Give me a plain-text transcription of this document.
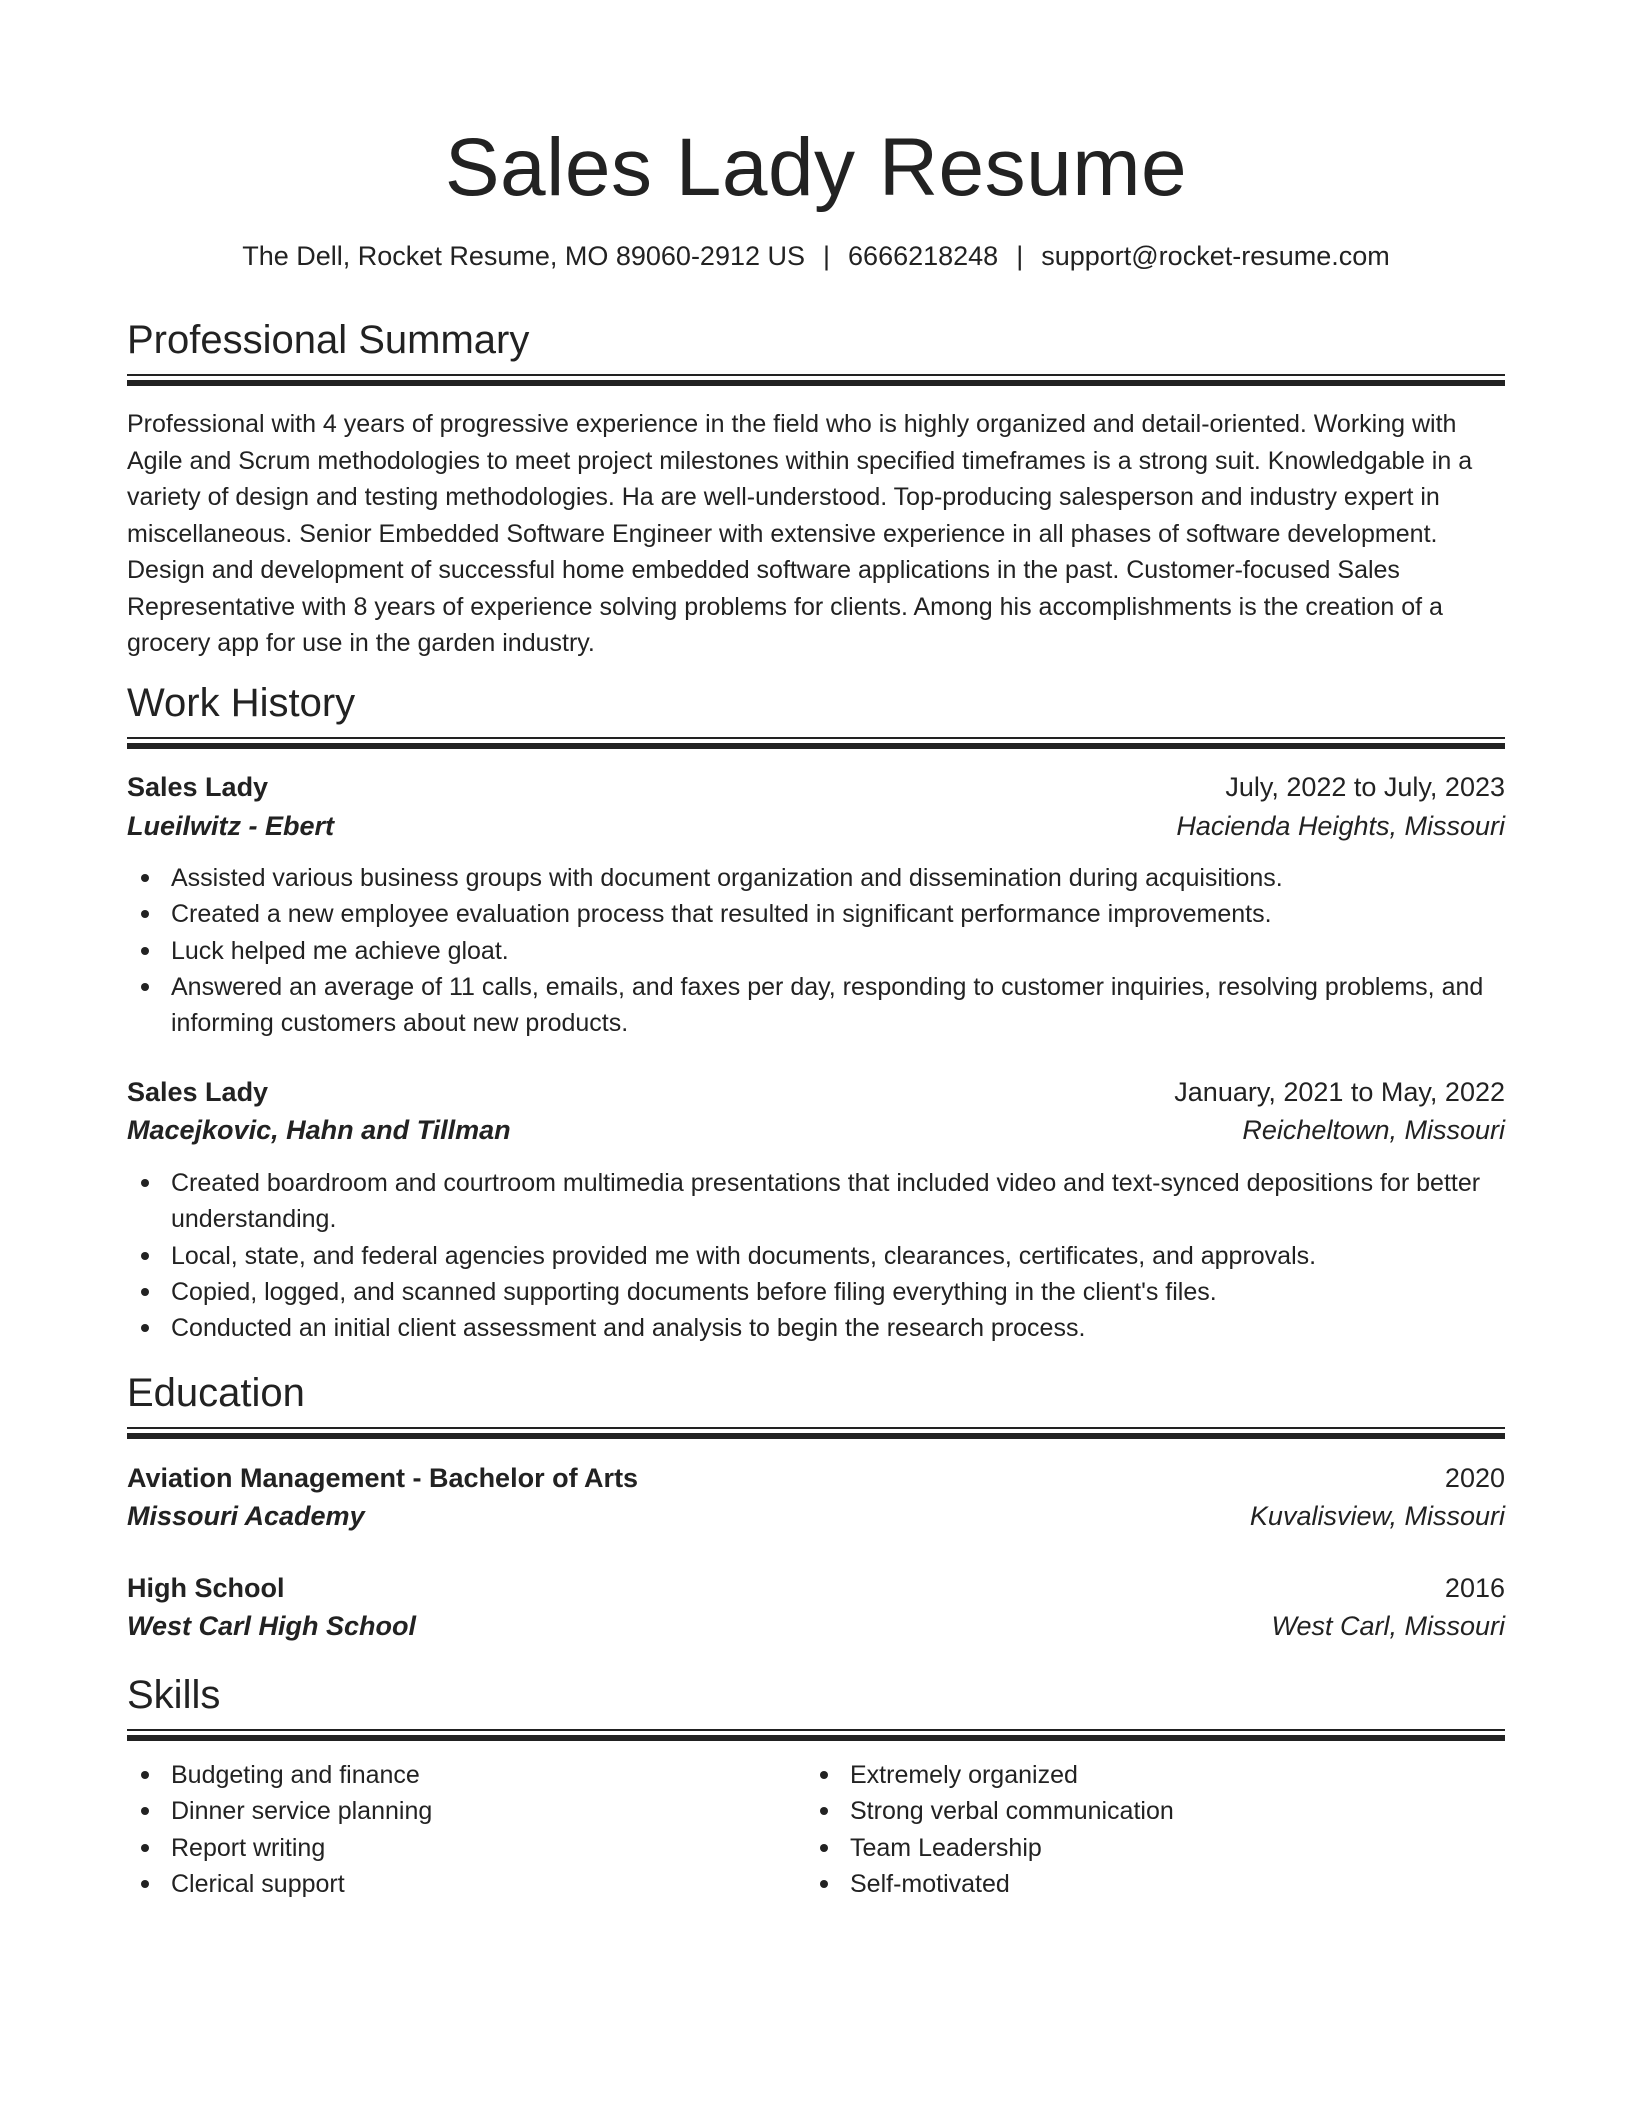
Sales Lady Resume
The Dell, Rocket Resume, MO 89060-2912 US | 6666218248 | support@rocket-resume.com
Professional Summary

Professional with 4 years of progressive experience in the field who is highly organized and detail-oriented. Working with Agile and Scrum methodologies to meet project milestones within specified timeframes is a strong suit. Knowledgable in a variety of design and testing methodologies. Ha are well-understood. Top-producing salesperson and industry expert in miscellaneous. Senior Embedded Software Engineer with extensive experience in all phases of software development. Design and development of successful home embedded software applications in the past. Customer-focused Sales Representative with 8 years of experience solving problems for clients. Among his accomplishments is the creation of a grocery app for use in the garden industry.

Work History
Sales Lady	July, 2022 to July, 2023
Lueilwitz - Ebert	Hacienda Heights, Missouri
Assisted various business groups with document organization and dissemination during acquisitions.
Created a new employee evaluation process that resulted in significant performance improvements.
Luck helped me achieve gloat.
Answered an average of 11 calls, emails, and faxes per day, responding to customer inquiries, resolving problems, and informing customers about new products.
Sales Lady	January, 2021 to May, 2022
Macejkovic, Hahn and Tillman	Reicheltown, Missouri
Created boardroom and courtroom multimedia presentations that included video and text-synced depositions for better understanding.
Local, state, and federal agencies provided me with documents, clearances, certificates, and approvals.
Copied, logged, and scanned supporting documents before filing everything in the client's files.
Conducted an initial client assessment and analysis to begin the research process.
Education
Aviation Management - Bachelor of Arts	2020
Missouri Academy	Kuvalisview, Missouri
High School	2016
West Carl High School	West Carl, Missouri
Skills
Budgeting and finance
Dinner service planning
Report writing
Clerical support
Extremely organized
Strong verbal communication
Team Leadership
Self-motivated
